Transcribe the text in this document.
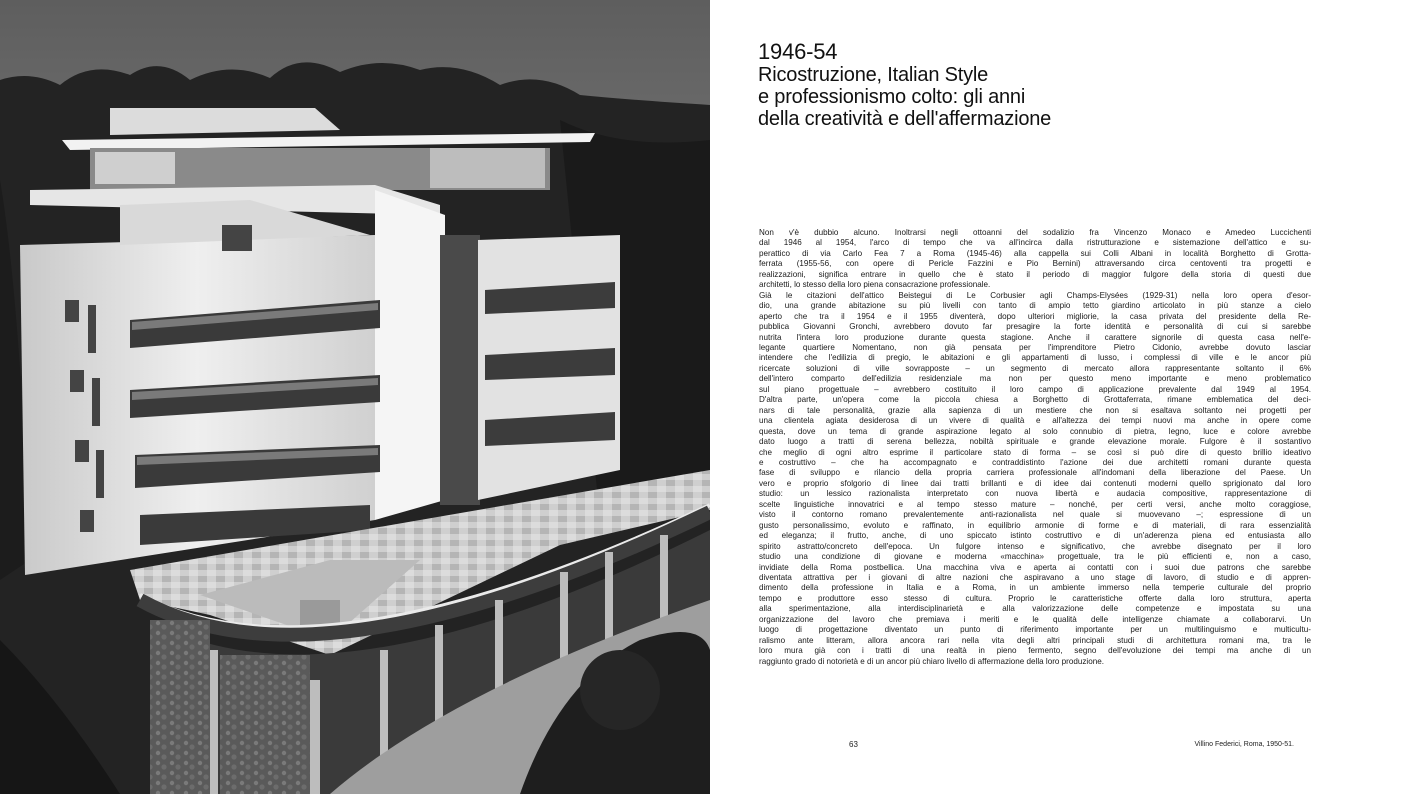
1946-54
Ricostruzione, Italian Style
e professionismo colto: gli anni
della creatività e dell'affermazione
Non v'è dubbio alcuno. Inoltrarsi negli ottoanni del sodalizio fra Vincenzo Monaco e Amedeo Luccichenti
dal 1946 al 1954, l'arco di tempo che va all'incirca dalla ristrutturazione e sistemazione dell'attico e su-
perattico di via Carlo Fea 7 a Roma (1945-46) alla cappella sui Colli Albani in località Borghetto di Grotta-
ferrata (1955-56, con opere di Pericle Fazzini e Pio Bernini) attraversando circa centoventi tra progetti e
realizzazioni, significa entrare in quello che è stato il periodo di maggior fulgore della storia di questi due
architetti, lo stesso della loro piena consacrazione professionale.
Già le citazioni dell'attico Beistegui di Le Corbusier agli Champs-Elysées (1929-31) nella loro opera d'esor-
dio, una grande abitazione su più livelli con tanto di ampio tetto giardino articolato in più stanze a cielo
aperto che tra il 1954 e il 1955 diventerà, dopo ulteriori migliorie, la casa privata del presidente della Re-
pubblica Giovanni Gronchi, avrebbero dovuto far presagire la forte identità e personalità di cui si sarebbe
nutrita l'intera loro produzione durante questa stagione. Anche il carattere signorile di questa casa nell'e-
legante quartiere Nomentano, non già pensata per l'imprenditore Pietro Cidonio, avrebbe dovuto lasciar
intendere che l'edilizia di pregio, le abitazioni e gli appartamenti di lusso, i complessi di ville e le ancor più
ricercate soluzioni di ville sovrapposte – un segmento di mercato allora rappresentante soltanto il 6%
dell'intero comparto dell'edilizia residenziale ma non per questo meno importante e meno problematico
sul piano progettuale – avrebbero costituito il loro campo di applicazione prevalente dal 1949 al 1954.
D'altra parte, un'opera come la piccola chiesa a Borghetto di Grottaferrata, rimane emblematica del deci-
nars di tale personalità, grazie alla sapienza di un mestiere che non si esaltava soltanto nei progetti per
una clientela agiata desiderosa di un vivere di qualità e all'altezza dei tempi nuovi ma anche in opere come
questa, dove un tema di grande aspirazione legato al solo connubio di pietra, legno, luce e colore avrebbe
dato luogo a tratti di serena bellezza, nobiltà spirituale e grande elevazione morale. Fulgore è il sostantivo
che meglio di ogni altro esprime il particolare stato di forma – se così si può dire di questo brillio ideativo
e costruttivo – che ha accompagnato e contraddistinto l'azione dei due architetti romani durante questa
fase di sviluppo e rilancio della propria carriera professionale all'indomani della liberazione del Paese. Un
vero e proprio sfolgorio di linee dai tratti brillanti e di idee dai contenuti moderni quello sprigionato dal loro
studio: un lessico razionalista interpretato con nuova libertà e audacia compositive, rappresentazione di
scelte linguistiche innovatrici e al tempo stesso mature – nonché, per certi versi, anche molto coraggiose,
visto il contorno romano prevalentemente anti-razionalista nel quale si muovevano –; espressione di un
gusto personalissimo, evoluto e raffinato, in equilibrio armonie di forme e di materiali, di rara essenzialità
ed eleganza; il frutto, anche, di uno spiccato istinto costruttivo e di un'aderenza piena ed entusiasta allo
spirito astratto/concreto dell'epoca. Un fulgore intenso e significativo, che avrebbe disegnato per il loro
studio una condizione di giovane e moderna «macchina» progettuale, tra le più efficienti e, non a caso,
invidiate della Roma postbellica. Una macchina viva e aperta ai contatti con i suoi due patrons che sarebbe
diventata attrattiva per i giovani di altre nazioni che aspiravano a uno stage di lavoro, di studio e di appren-
dimento della professione in Italia e a Roma, in un ambiente immerso nella temperie culturale del proprio
tempo e produttore esso stesso di cultura. Proprio le caratteristiche offerte dalla loro struttura, aperta
alla sperimentazione, alla interdisciplinarietà e alla valorizzazione delle competenze e impostata su una
organizzazione del lavoro che premiava i meriti e le qualità delle intelligenze chiamate a collaborarvi. Un
luogo di progettazione diventato un punto di riferimento importante per un multilinguismo e multicultu-
ralismo ante litteram, allora ancora rari nella vita degli altri principali studi di architettura romani ma, tra le
loro mura già con i tratti di una realtà in pieno fermento, segno dell'evoluzione dei tempi ma anche di un
raggiunto grado di notorietà e di un ancor più chiaro livello di affermazione della loro produzione.
63	Villino Federici, Roma, 1950-51.
